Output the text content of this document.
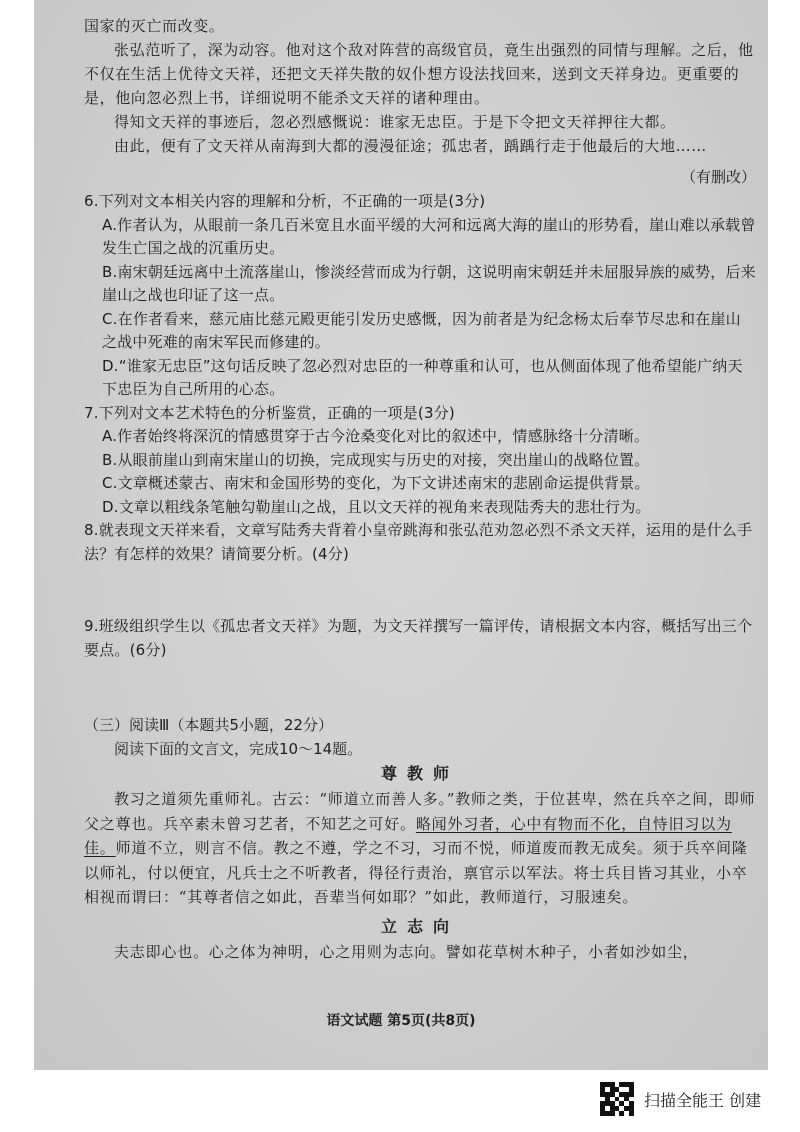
国家的灭亡而改变。

张弘范听了，深为动容。他对这个敌对阵营的高级官员，竟生出强烈的同情与理解。之后，他不仅在生活上优待文天祥，还把文天祥失散的奴仆想方设法找回来，送到文天祥身边。更重要的是，他向忽必烈上书，详细说明不能杀文天祥的诸种理由。

得知文天祥的事迹后，忽必烈感慨说：谁家无忠臣。于是下令把文天祥押往大都。

由此，便有了文天祥从南海到大都的漫漫征途；孤忠者，踽踽行走于他最后的大地……

（有删改）

6.下列对文本相关内容的理解和分析，不正确的一项是(3分)

A.作者认为，从眼前一条几百米宽且水面平缓的大河和远离大海的崖山的形势看，崖山难以承载曾发生亡国之战的沉重历史。

B.南宋朝廷远离中土流落崖山，惨淡经营而成为行朝，这说明南宋朝廷并未屈服异族的威势，后来崖山之战也印证了这一点。

C.在作者看来，慈元庙比慈元殿更能引发历史感慨，因为前者是为纪念杨太后奉节尽忠和在崖山之战中死难的南宋军民而修建的。

D.“谁家无忠臣”这句话反映了忽必烈对忠臣的一种尊重和认可，也从侧面体现了他希望能广纳天下忠臣为自己所用的心态。

7.下列对文本艺术特色的分析鉴赏，正确的一项是(3分)

A.作者始终将深沉的情感贯穿于古今沧桑变化对比的叙述中，情感脉络十分清晰。

B.从眼前崖山到南宋崖山的切换，完成现实与历史的对接，突出崖山的战略位置。

C.文章概述蒙古、南宋和金国形势的变化，为下文讲述南宋的悲剧命运提供背景。

D.文章以粗线条笔触勾勒崖山之战，且以文天祥的视角来表现陆秀夫的悲壮行为。

8.就表现文天祥来看，文章写陆秀夫背着小皇帝跳海和张弘范劝忽必烈不杀文天祥，运用的是什么手法？有怎样的效果？请简要分析。(4分)

9.班级组织学生以《孤忠者文天祥》为题，为文天祥撰写一篇评传，请根据文本内容，概括写出三个要点。(6分)

（三）阅读Ⅲ（本题共5小题，22分）

阅读下面的文言文，完成10～14题。

尊教师

教习之道须先重师礼。古云：“师道立而善人多。”教师之类，于位甚卑，然在兵卒之间，即师父之尊也。兵卒素未曾习艺者，不知艺之可好。略闻外习者，心中有物而不化，自恃旧习以为佳。师道不立，则言不信。教之不遵，学之不习，习而不悦，师道废而教无成矣。须于兵卒间隆以师礼，付以便宜，凡兵士之不听教者，得径行责治，禀官示以军法。将士兵目皆习其业，小卒相视而谓曰：“其尊者信之如此，吾辈当何如耶？”如此，教师道行，习服速矣。

立志向

夫志即心也。心之体为神明，心之用则为志向。譬如花草树木种子，小者如沙如尘，

语文试题 第5页(共8页)
扫描全能王 创建
